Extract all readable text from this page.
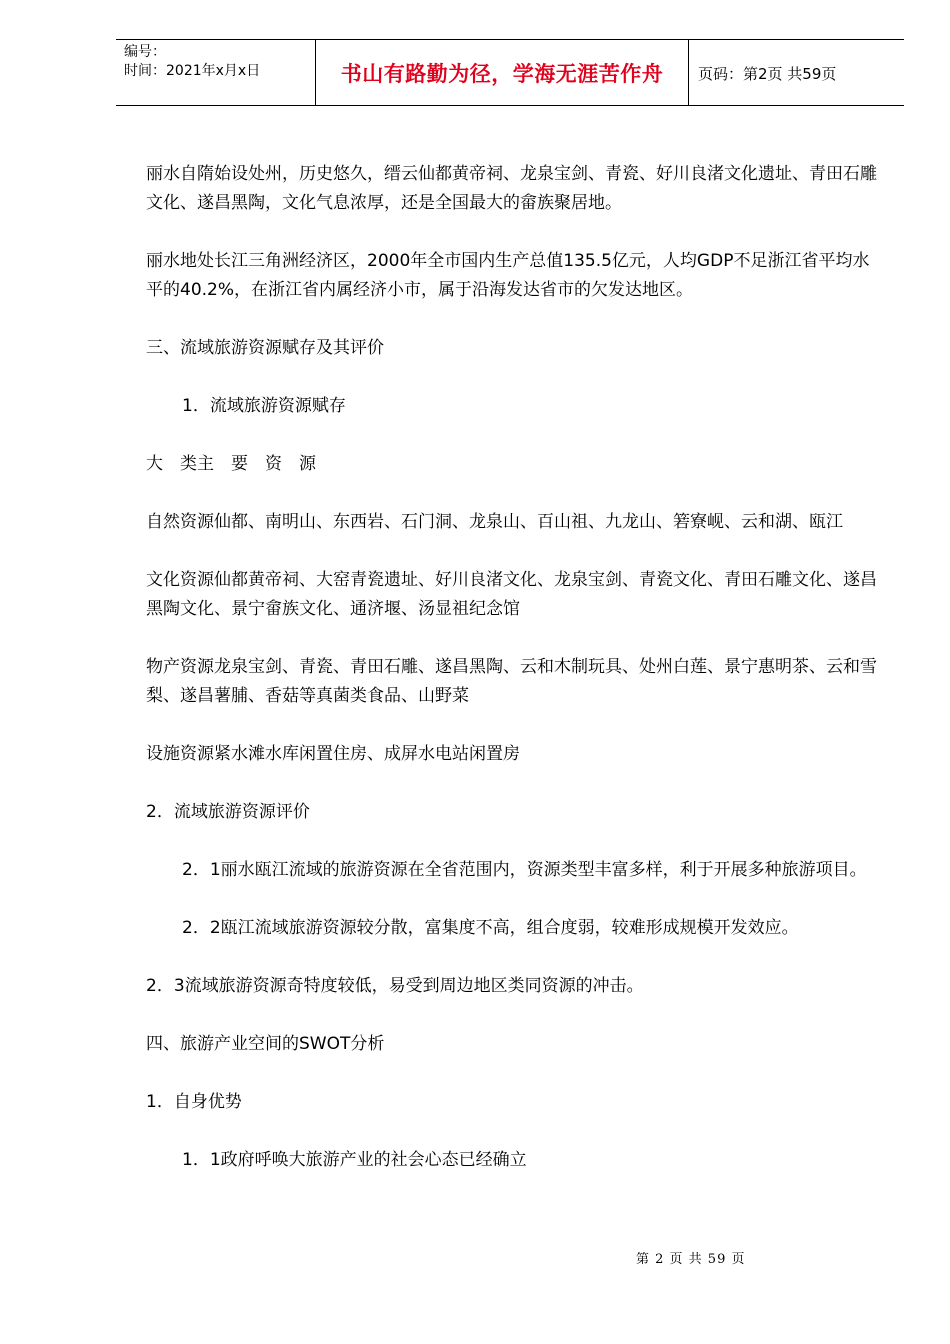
编号：
时间：2021年x月x日	书山有路勤为径，学海无涯苦作舟	页码：第2页 共59页

丽水自隋始设处州，历史悠久，缙云仙都黄帝祠、龙泉宝剑、青瓷、好川良渚文化遗址、青田石雕文化、遂昌黑陶，文化气息浓厚，还是全国最大的畲族聚居地。

丽水地处长江三角洲经济区，2000年全市国内生产总值135.5亿元，人均GDP不足浙江省平均水平的40.2%，在浙江省内属经济小市，属于沿海发达省市的欠发达地区。

三、流域旅游资源赋存及其评价

1．流域旅游资源赋存

大　类主　要　资　源

自然资源仙都、南明山、东西岩、石门洞、龙泉山、百山祖、九龙山、箬寮岘、云和湖、瓯江

文化资源仙都黄帝祠、大窑青瓷遗址、好川良渚文化、龙泉宝剑、青瓷文化、青田石雕文化、遂昌黑陶文化、景宁畲族文化、通济堰、汤显祖纪念馆

物产资源龙泉宝剑、青瓷、青田石雕、遂昌黑陶、云和木制玩具、处州白莲、景宁惠明茶、云和雪梨、遂昌薯脯、香菇等真菌类食品、山野菜

设施资源紧水滩水库闲置住房、成屏水电站闲置房

2．流域旅游资源评价

2．1丽水瓯江流域的旅游资源在全省范围内，资源类型丰富多样，利于开展多种旅游项目。

2．2瓯江流域旅游资源较分散，富集度不高，组合度弱，较难形成规模开发效应。

2．3流域旅游资源奇特度较低，易受到周边地区类同资源的冲击。

四、旅游产业空间的SWOT分析

1．自身优势

1．1政府呼唤大旅游产业的社会心态已经确立

第 2 页 共 59 页
